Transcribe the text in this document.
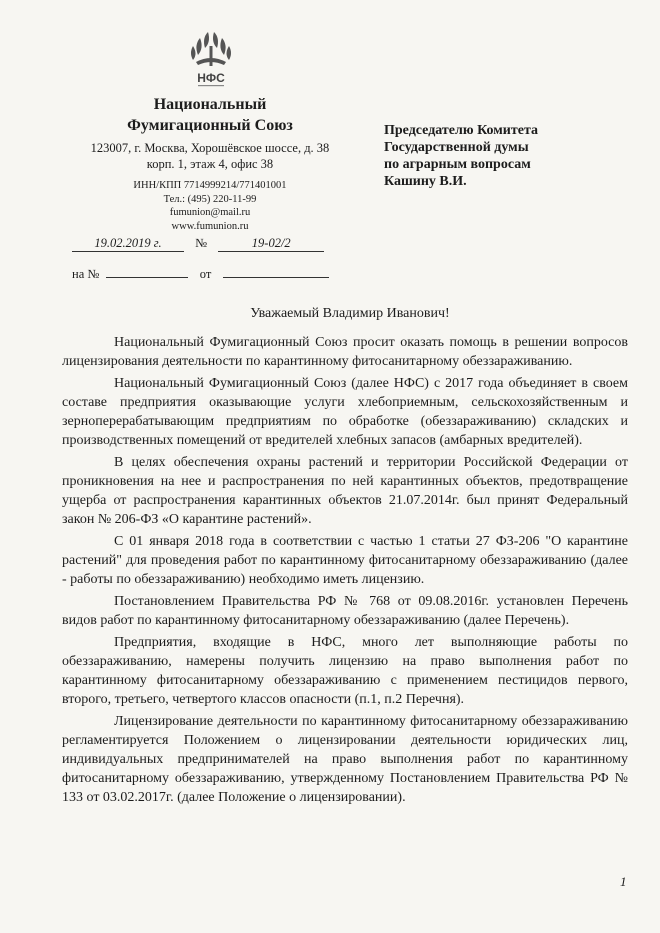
НФС
Национальный
Фумигационный Союз
123007, г. Москва, Хорошёвское шоссе, д. 38
корп. 1, этаж 4, офис 38
ИНН/КПП 7714999214/771401001
Тел.: (495) 220-11-99
fumunion@mail.ru
www.fumunion.ru
19.02.2019 г.	№	19-02/2
на №	от
Председателю Комитета
Государственной думы
по аграрным вопросам
Кашину В.И.
Уважаемый Владимир Иванович!

Национальный Фумигационный Союз просит оказать помощь в решении вопросов лицензирования деятельности по карантинному фитосанитарному обеззараживанию.

Национальный Фумигационный Союз (далее НФС) с 2017 года объединяет в своем составе предприятия оказывающие услуги хлебоприемным, сельскохозяйственным и зерноперерабатывающим предприятиям по обработке (обеззараживанию) складских и производственных помещений от вредителей хлебных запасов (амбарных вредителей).

В целях обеспечения охраны растений и территории Российской Федерации от проникновения на нее и распространения по ней карантинных объектов, предотвращение ущерба от распространения карантинных объектов 21.07.2014г. был принят Федеральный закон № 206-ФЗ «О карантине растений».

С 01 января 2018 года в соответствии с частью 1 статьи 27 ФЗ-206 "О карантине растений" для проведения работ по карантинному фитосанитарному обеззараживанию (далее - работы по обеззараживанию) необходимо иметь лицензию.

Постановлением Правительства РФ № 768 от 09.08.2016г. установлен Перечень видов работ по карантинному фитосанитарному обеззараживанию (далее Перечень).

Предприятия, входящие в НФС, много лет выполняющие работы по обеззараживанию, намерены получить лицензию на право выполнения работ по карантинному фитосанитарному обеззараживанию с применением пестицидов первого, второго, третьего, четвертого классов опасности (п.1, п.2 Перечня).

Лицензирование деятельности по карантинному фитосанитарному обеззараживанию регламентируется Положением о лицензировании деятельности юридических лиц, индивидуальных предпринимателей на право выполнения работ по карантинному фитосанитарному обеззараживанию, утвержденному Постановлением Правительства РФ № 133 от 03.02.2017г. (далее Положение о лицензировании).

1
